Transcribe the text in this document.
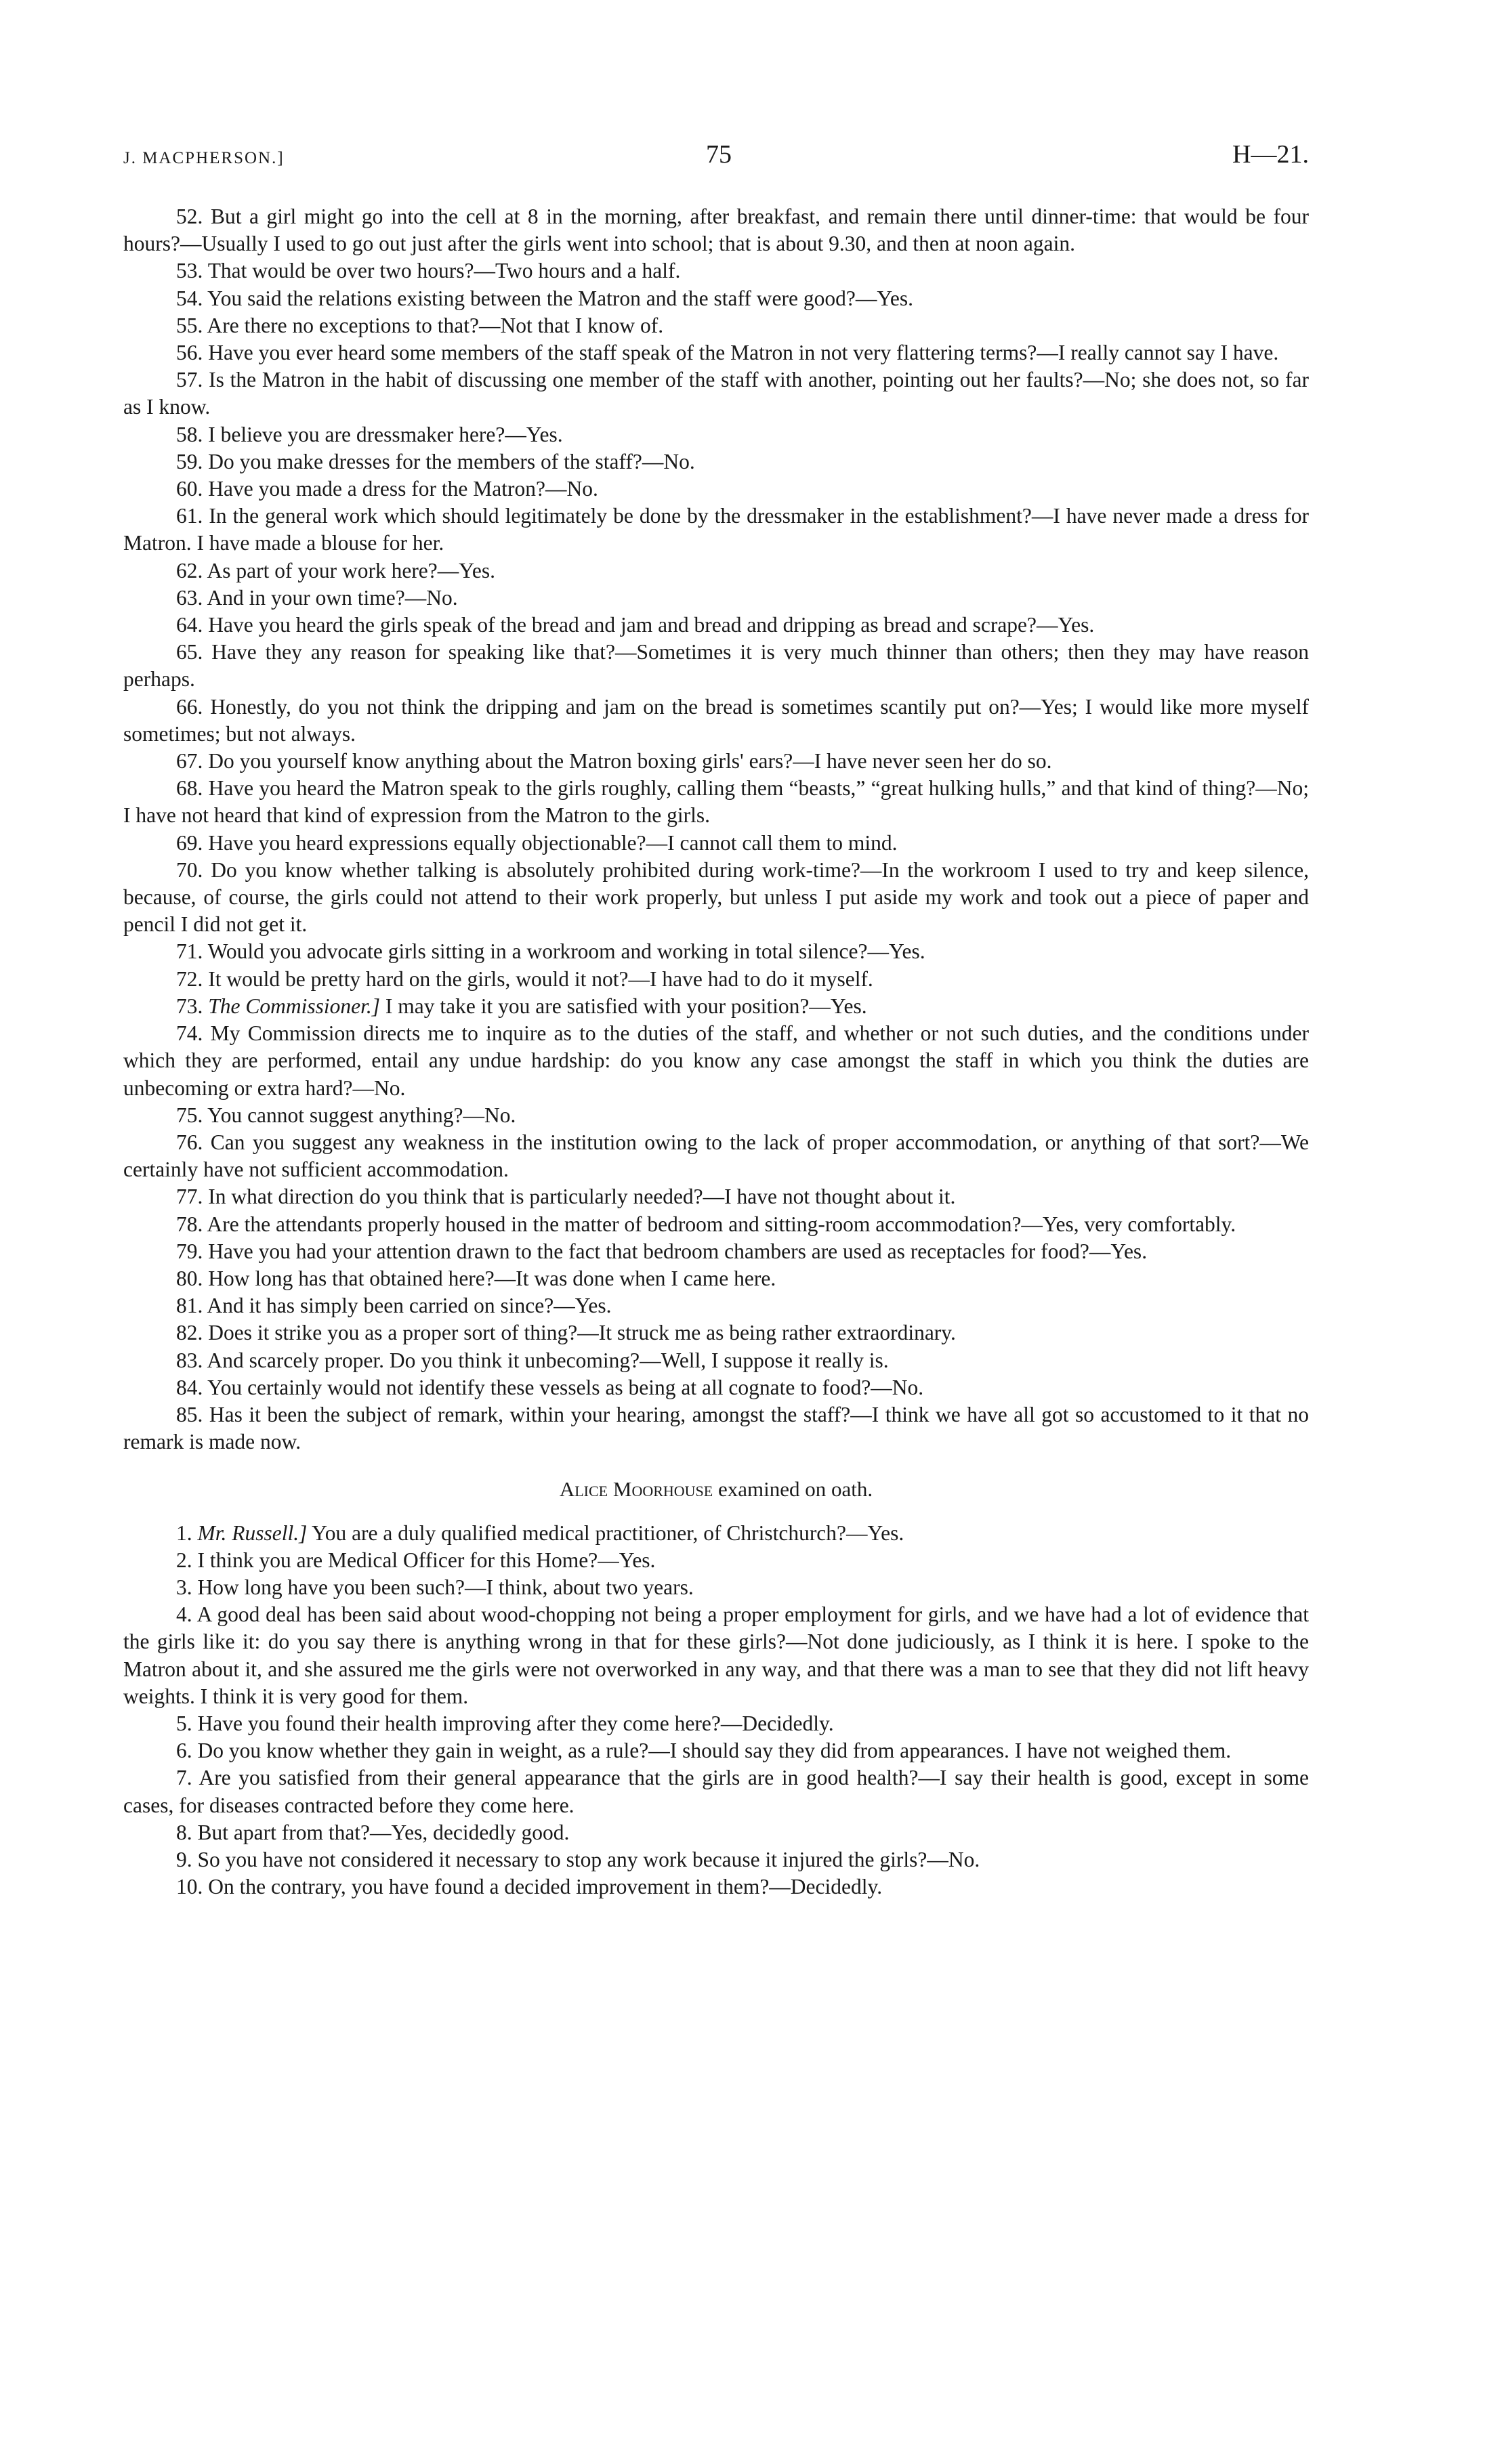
J. MACPHERSON.]	75	H—21.

52. But a girl might go into the cell at 8 in the morning, after breakfast, and remain there until dinner-time: that would be four hours?—Usually I used to go out just after the girls went into school; that is about 9.30, and then at noon again.

53. That would be over two hours?—Two hours and a half.

54. You said the relations existing between the Matron and the staff were good?—Yes.

55. Are there no exceptions to that?—Not that I know of.

56. Have you ever heard some members of the staff speak of the Matron in not very flattering terms?—I really cannot say I have.

57. Is the Matron in the habit of discussing one member of the staff with another, pointing out her faults?—No; she does not, so far as I know.

58. I believe you are dressmaker here?—Yes.

59. Do you make dresses for the members of the staff?—No.

60. Have you made a dress for the Matron?—No.

61. In the general work which should legitimately be done by the dressmaker in the establishment?—I have never made a dress for Matron. I have made a blouse for her.

62. As part of your work here?—Yes.

63. And in your own time?—No.

64. Have you heard the girls speak of the bread and jam and bread and dripping as bread and scrape?—Yes.

65. Have they any reason for speaking like that?—Sometimes it is very much thinner than others; then they may have reason perhaps.

66. Honestly, do you not think the dripping and jam on the bread is sometimes scantily put on?—Yes; I would like more myself sometimes; but not always.

67. Do you yourself know anything about the Matron boxing girls' ears?—I have never seen her do so.

68. Have you heard the Matron speak to the girls roughly, calling them “beasts,” “great hulking hulls,” and that kind of thing?—No; I have not heard that kind of expression from the Matron to the girls.

69. Have you heard expressions equally objectionable?—I cannot call them to mind.

70. Do you know whether talking is absolutely prohibited during work-time?—In the workroom I used to try and keep silence, because, of course, the girls could not attend to their work properly, but unless I put aside my work and took out a piece of paper and pencil I did not get it.

71. Would you advocate girls sitting in a workroom and working in total silence?—Yes.

72. It would be pretty hard on the girls, would it not?—I have had to do it myself.

73. The Commissioner.] I may take it you are satisfied with your position?—Yes.

74. My Commission directs me to inquire as to the duties of the staff, and whether or not such duties, and the conditions under which they are performed, entail any undue hardship: do you know any case amongst the staff in which you think the duties are unbecoming or extra hard?—No.

75. You cannot suggest anything?—No.

76. Can you suggest any weakness in the institution owing to the lack of proper accommodation, or anything of that sort?—We certainly have not sufficient accommodation.

77. In what direction do you think that is particularly needed?—I have not thought about it.

78. Are the attendants properly housed in the matter of bedroom and sitting-room accommodation?—Yes, very comfortably.

79. Have you had your attention drawn to the fact that bedroom chambers are used as receptacles for food?—Yes.

80. How long has that obtained here?—It was done when I came here.

81. And it has simply been carried on since?—Yes.

82. Does it strike you as a proper sort of thing?—It struck me as being rather extraordinary.

83. And scarcely proper. Do you think it unbecoming?—Well, I suppose it really is.

84. You certainly would not identify these vessels as being at all cognate to food?—No.

85. Has it been the subject of remark, within your hearing, amongst the staff?—I think we have all got so accustomed to it that no remark is made now.

Alice Moorhouse examined on oath.

1. Mr. Russell.] You are a duly qualified medical practitioner, of Christchurch?—Yes.

2. I think you are Medical Officer for this Home?—Yes.

3. How long have you been such?—I think, about two years.

4. A good deal has been said about wood-chopping not being a proper employment for girls, and we have had a lot of evidence that the girls like it: do you say there is anything wrong in that for these girls?—Not done judiciously, as I think it is here. I spoke to the Matron about it, and she assured me the girls were not overworked in any way, and that there was a man to see that they did not lift heavy weights. I think it is very good for them.

5. Have you found their health improving after they come here?—Decidedly.

6. Do you know whether they gain in weight, as a rule?—I should say they did from appearances. I have not weighed them.

7. Are you satisfied from their general appearance that the girls are in good health?—I say their health is good, except in some cases, for diseases contracted before they come here.

8. But apart from that?—Yes, decidedly good.

9. So you have not considered it necessary to stop any work because it injured the girls?—No.

10. On the contrary, you have found a decided improvement in them?—Decidedly.
